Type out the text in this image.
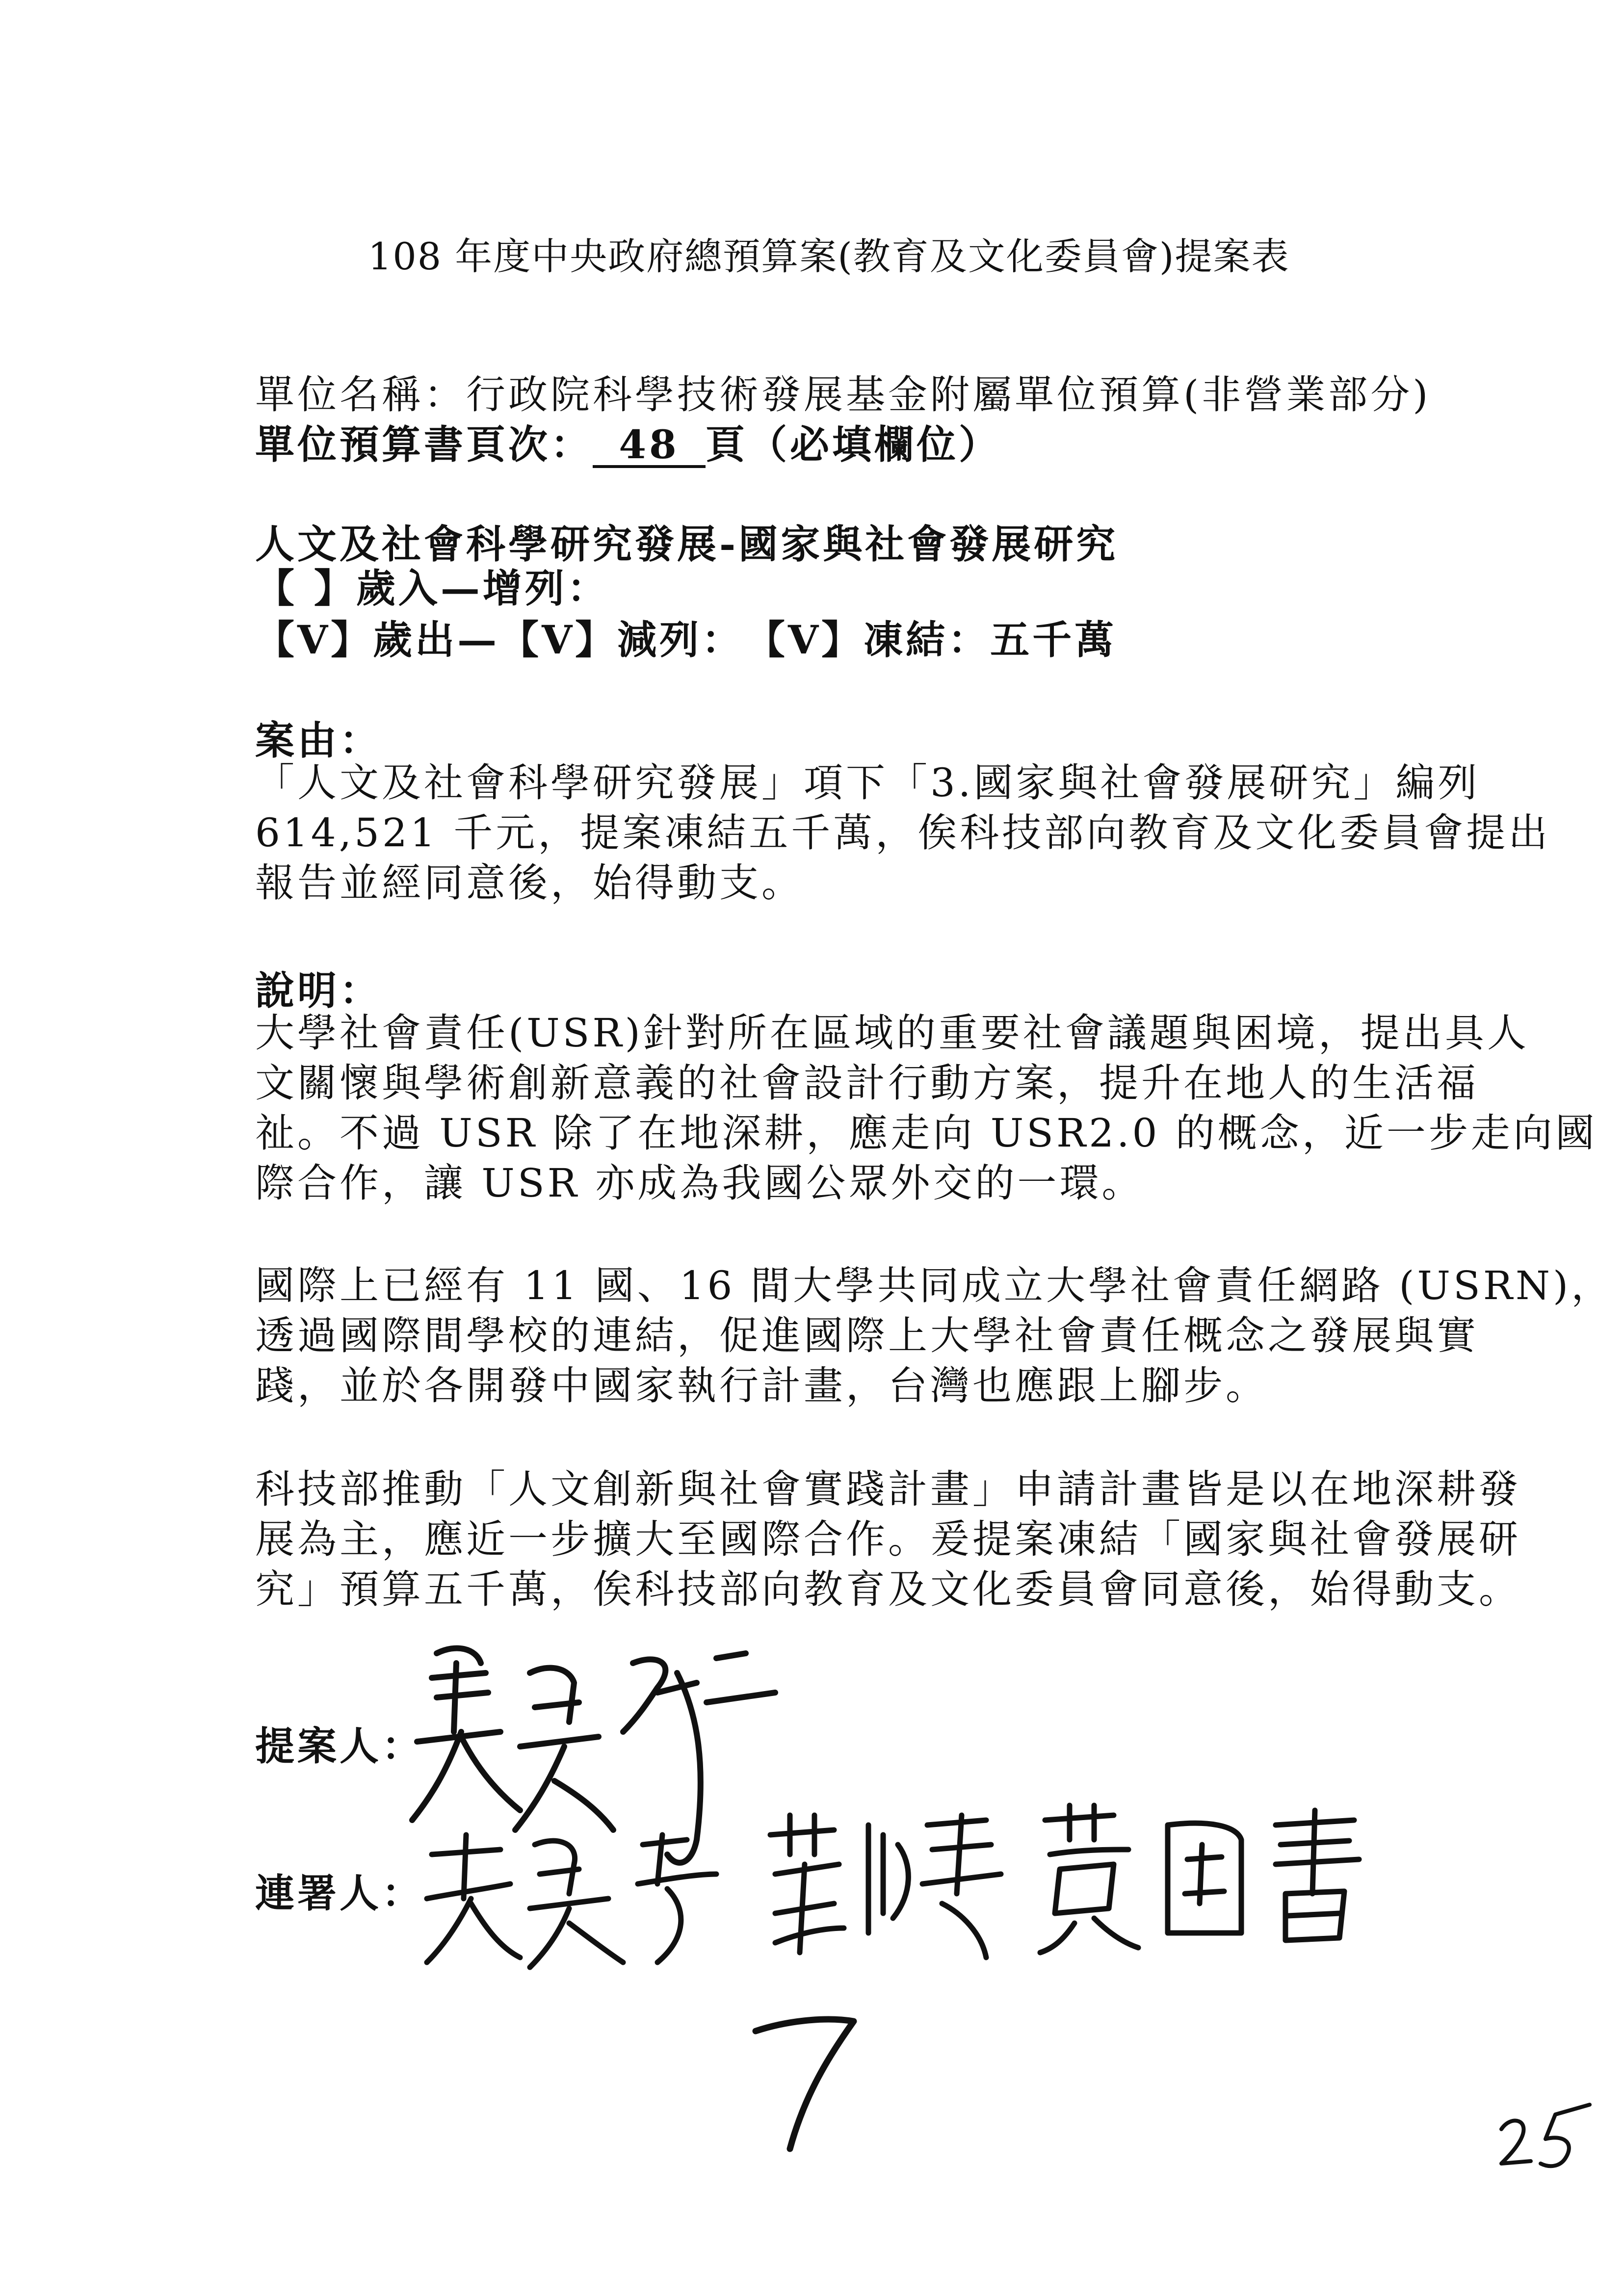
108 年度中央政府總預算案(教育及文化委員會)提案表

單位名稱：行政院科學技術發展基金附屬單位預算(非營業部分)

單位預算書頁次： 48 頁（必填欄位）

人文及社會科學研究發展-國家與社會發展研究

【 】歲入—增列：

【V】歲出—【V】減列： 【V】凍結：五千萬

案由：

「人文及社會科學研究發展」項下「3.國家與社會發展研究」編列
614,521 千元，提案凍結五千萬，俟科技部向教育及文化委員會提出
報告並經同意後，始得動支。

說明：

大學社會責任(USR)針對所在區域的重要社會議題與困境，提出具人
文關懷與學術創新意義的社會設計行動方案，提升在地人的生活福
祉。不過 USR 除了在地深耕，應走向 USR2.0 的概念，近一步走向國
際合作，讓 USR 亦成為我國公眾外交的一環。
國際上已經有 11 國、16 間大學共同成立大學社會責任網路 (USRN)，
透過國際間學校的連結，促進國際上大學社會責任概念之發展與實
踐，並於各開發中國家執行計畫，台灣也應跟上腳步。
科技部推動「人文創新與社會實踐計畫」申請計畫皆是以在地深耕發
展為主，應近一步擴大至國際合作。爰提案凍結「國家與社會發展研
究」預算五千萬，俟科技部向教育及文化委員會同意後，始得動支。

提案人：

連署人：
